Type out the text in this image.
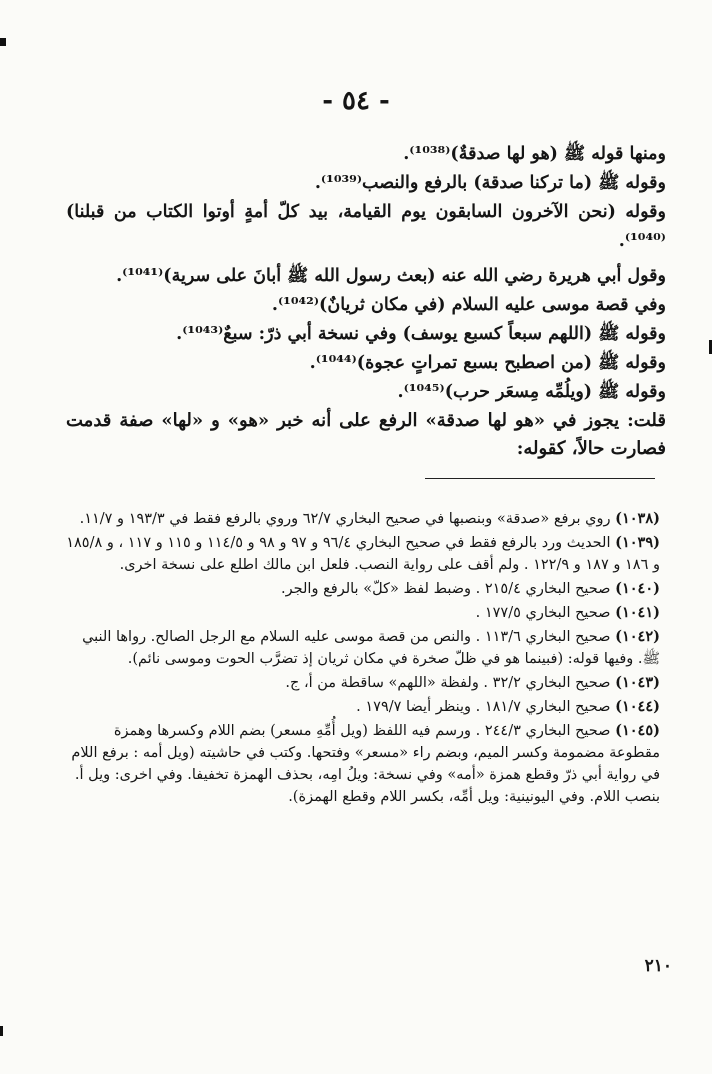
- ٥٤ -
ومنها قوله ﷺ (هو لها صدقةٌ)⁽¹⁰³⁸⁾.
وقوله ﷺ (ما تركنا صدقة) بالرفع والنصب⁽¹⁰³⁹⁾.
وقوله (نحن الآخرون السابقون يوم القيامة، بيد كلّ أمةٍ أوتوا الكتاب من قبلنا)⁽¹⁰⁴⁰⁾.
وقول أبي هريرة رضي الله عنه (بعث رسول الله ﷺ أبانَ على سرية)⁽¹⁰⁴¹⁾.
وفي قصة موسى عليه السلام (في مكان ثريانٌ)⁽¹⁰⁴²⁾.
وقوله ﷺ (اللهم سبعاً كسبع يوسف) وفي نسخة أبي ذرّ: سبعٌ⁽¹⁰⁴³⁾.
وقوله ﷺ (من اصطبح بسبع تمراتٍ عجوة)⁽¹⁰⁴⁴⁾.
وقوله ﷺ (ويلُمِّه مِسعَر حرب)⁽¹⁰⁴⁵⁾.
قلت: يجوز في «هو لها صدقة» الرفع على أنه خبر «هو» و «لها» صفة قدمت فصارت حالاً، كقوله:
(١٠٣٨) روي برفع «صدقة» وبنصبها في صحيح البخاري ٦٢/٧ وروي بالرفع فقط في ١٩٣/٣ و ١١/٧.
(١٠٣٩) الحديث ورد بالرفع فقط في صحيح البخاري ٩٦/٤ و ٩٧ و ٩٨ و ١١٤/٥ و ١١٥ و ١١٧ ، و ١٨٥/٨ و ١٨٦ و ١٨٧ و ١٢٢/٩ . ولم أقف على رواية النصب. فلعل ابن مالك اطلع على نسخة اخرى.
(١٠٤٠) صحيح البخاري ٢١٥/٤ . وضبط لفظ «كلّ» بالرفع والجر.
(١٠٤١) صحيح البخاري ١٧٧/٥ .
(١٠٤٢) صحيح البخاري ١١٣/٦ . والنص من قصة موسى عليه السلام مع الرجل الصالح. رواها النبي ﷺ. وفيها قوله: (فبينما هو في ظلّ صخرة في مكان ثريان إذ تضرَّب الحوت وموسى نائم).
(١٠٤٣) صحيح البخاري ٣٢/٢ . ولفظة «اللهم» ساقطة من أ، ج.
(١٠٤٤) صحيح البخاري ١٨١/٧ . وينظر أيضا ١٧٩/٧ .
(١٠٤٥) صحيح البخاري ٢٤٤/٣ . ورسم فيه اللفظ (ويل أُمِّهِ مسعر) بضم اللام وكسرها وهمزة مقطوعة مضمومة وكسر الميم، وبضم راء «مسعر» وفتحها. وكتب في حاشيته (ويل أمه : برفع اللام في رواية أبي ذرّ وقطع همزة «أمه» وفي نسخة: ويلُ امِه، بحذف الهمزة تخفيفا. وفي اخرى: ويل أ. بنصب اللام. وفي اليونينية: ويل أمِّه، بكسر اللام وقطع الهمزة).
٢١٠
